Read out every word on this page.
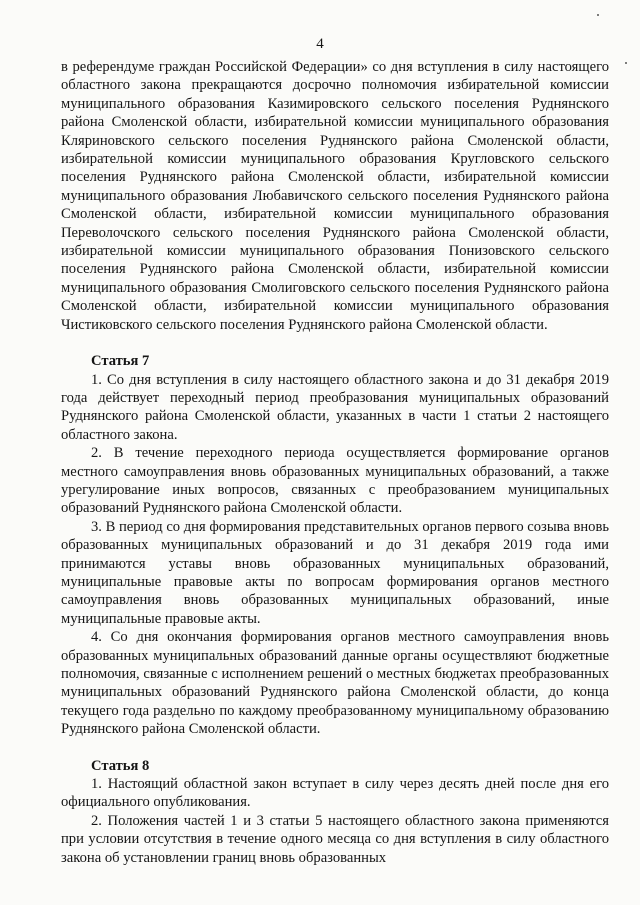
4

в референдуме граждан Российской Федерации» со дня вступления в силу настоящего областного закона прекращаются досрочно полномочия избирательной комиссии муниципального образования Казимировского сельского поселения Руднянского района Смоленской области, избирательной комиссии муниципального образования Кляриновского сельского поселения Руднянского района Смоленской области, избирательной комиссии муниципального образования Кругловского сельского поселения Руднянского района Смоленской области, избирательной комиссии муниципального образования Любавичского сельского поселения Руднянского района Смоленской области, избирательной комиссии муниципального образования Переволочского сельского поселения Руднянского района Смоленской области, избирательной комиссии муниципального образования Понизовского сельского поселения Руднянского района Смоленской области, избирательной комиссии муниципального образования Смолиговского сельского поселения Руднянского района Смоленской области, избирательной комиссии муниципального образования Чистиковского сельского поселения Руднянского района Смоленской области.

Статья 7

1. Со дня вступления в силу настоящего областного закона и до 31 декабря 2019 года действует переходный период преобразования муниципальных образований Руднянского района Смоленской области, указанных в части 1 статьи 2 настоящего областного закона.

2. В течение переходного периода осуществляется формирование органов местного самоуправления вновь образованных муниципальных образований, а также урегулирование иных вопросов, связанных с преобразованием муниципальных образований Руднянского района Смоленской области.

3. В период со дня формирования представительных органов первого созыва вновь образованных муниципальных образований и до 31 декабря 2019 года ими принимаются уставы вновь образованных муниципальных образований, муниципальные правовые акты по вопросам формирования органов местного самоуправления вновь образованных муниципальных образований, иные муниципальные правовые акты.

4. Со дня окончания формирования органов местного самоуправления вновь образованных муниципальных образований данные органы осуществляют бюджетные полномочия, связанные с исполнением решений о местных бюджетах преобразованных муниципальных образований Руднянского района Смоленской области, до конца текущего года раздельно по каждому преобразованному муниципальному образованию Руднянского района Смоленской области.

Статья 8

1. Настоящий областной закон вступает в силу через десять дней после дня его официального опубликования.

2. Положения частей 1 и 3 статьи 5 настоящего областного закона применяются при условии отсутствия в течение одного месяца со дня вступления в силу областного закона об установлении границ вновь образованных
